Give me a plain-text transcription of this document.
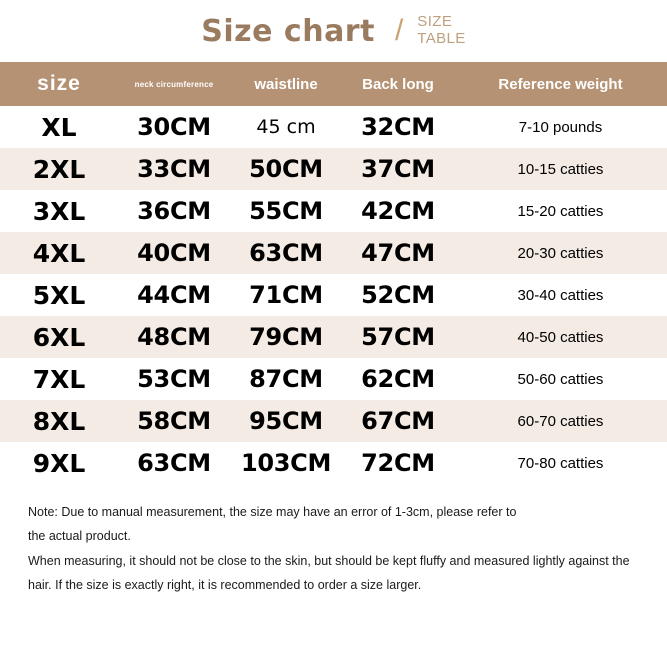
Size chart / SIZE
TABLE
size	neck circumference	waistline	Back long	Reference weight
XL	30CM	45 cm	32CM	7-10 pounds
2XL	33CM	50CM	37CM	10-15 catties
3XL	36CM	55CM	42CM	15-20 catties
4XL	40CM	63CM	47CM	20-30 catties
5XL	44CM	71CM	52CM	30-40 catties
6XL	48CM	79CM	57CM	40-50 catties
7XL	53CM	87CM	62CM	50-60 catties
8XL	58CM	95CM	67CM	60-70 catties
9XL	63CM	103CM	72CM	70-80 catties

Note: Due to manual measurement, the size may have an error of 1-3cm, please refer to

the actual product.

When measuring, it should not be close to the skin, but should be kept fluffy and measured lightly against the

hair. If the size is exactly right, it is recommended to order a size larger.
